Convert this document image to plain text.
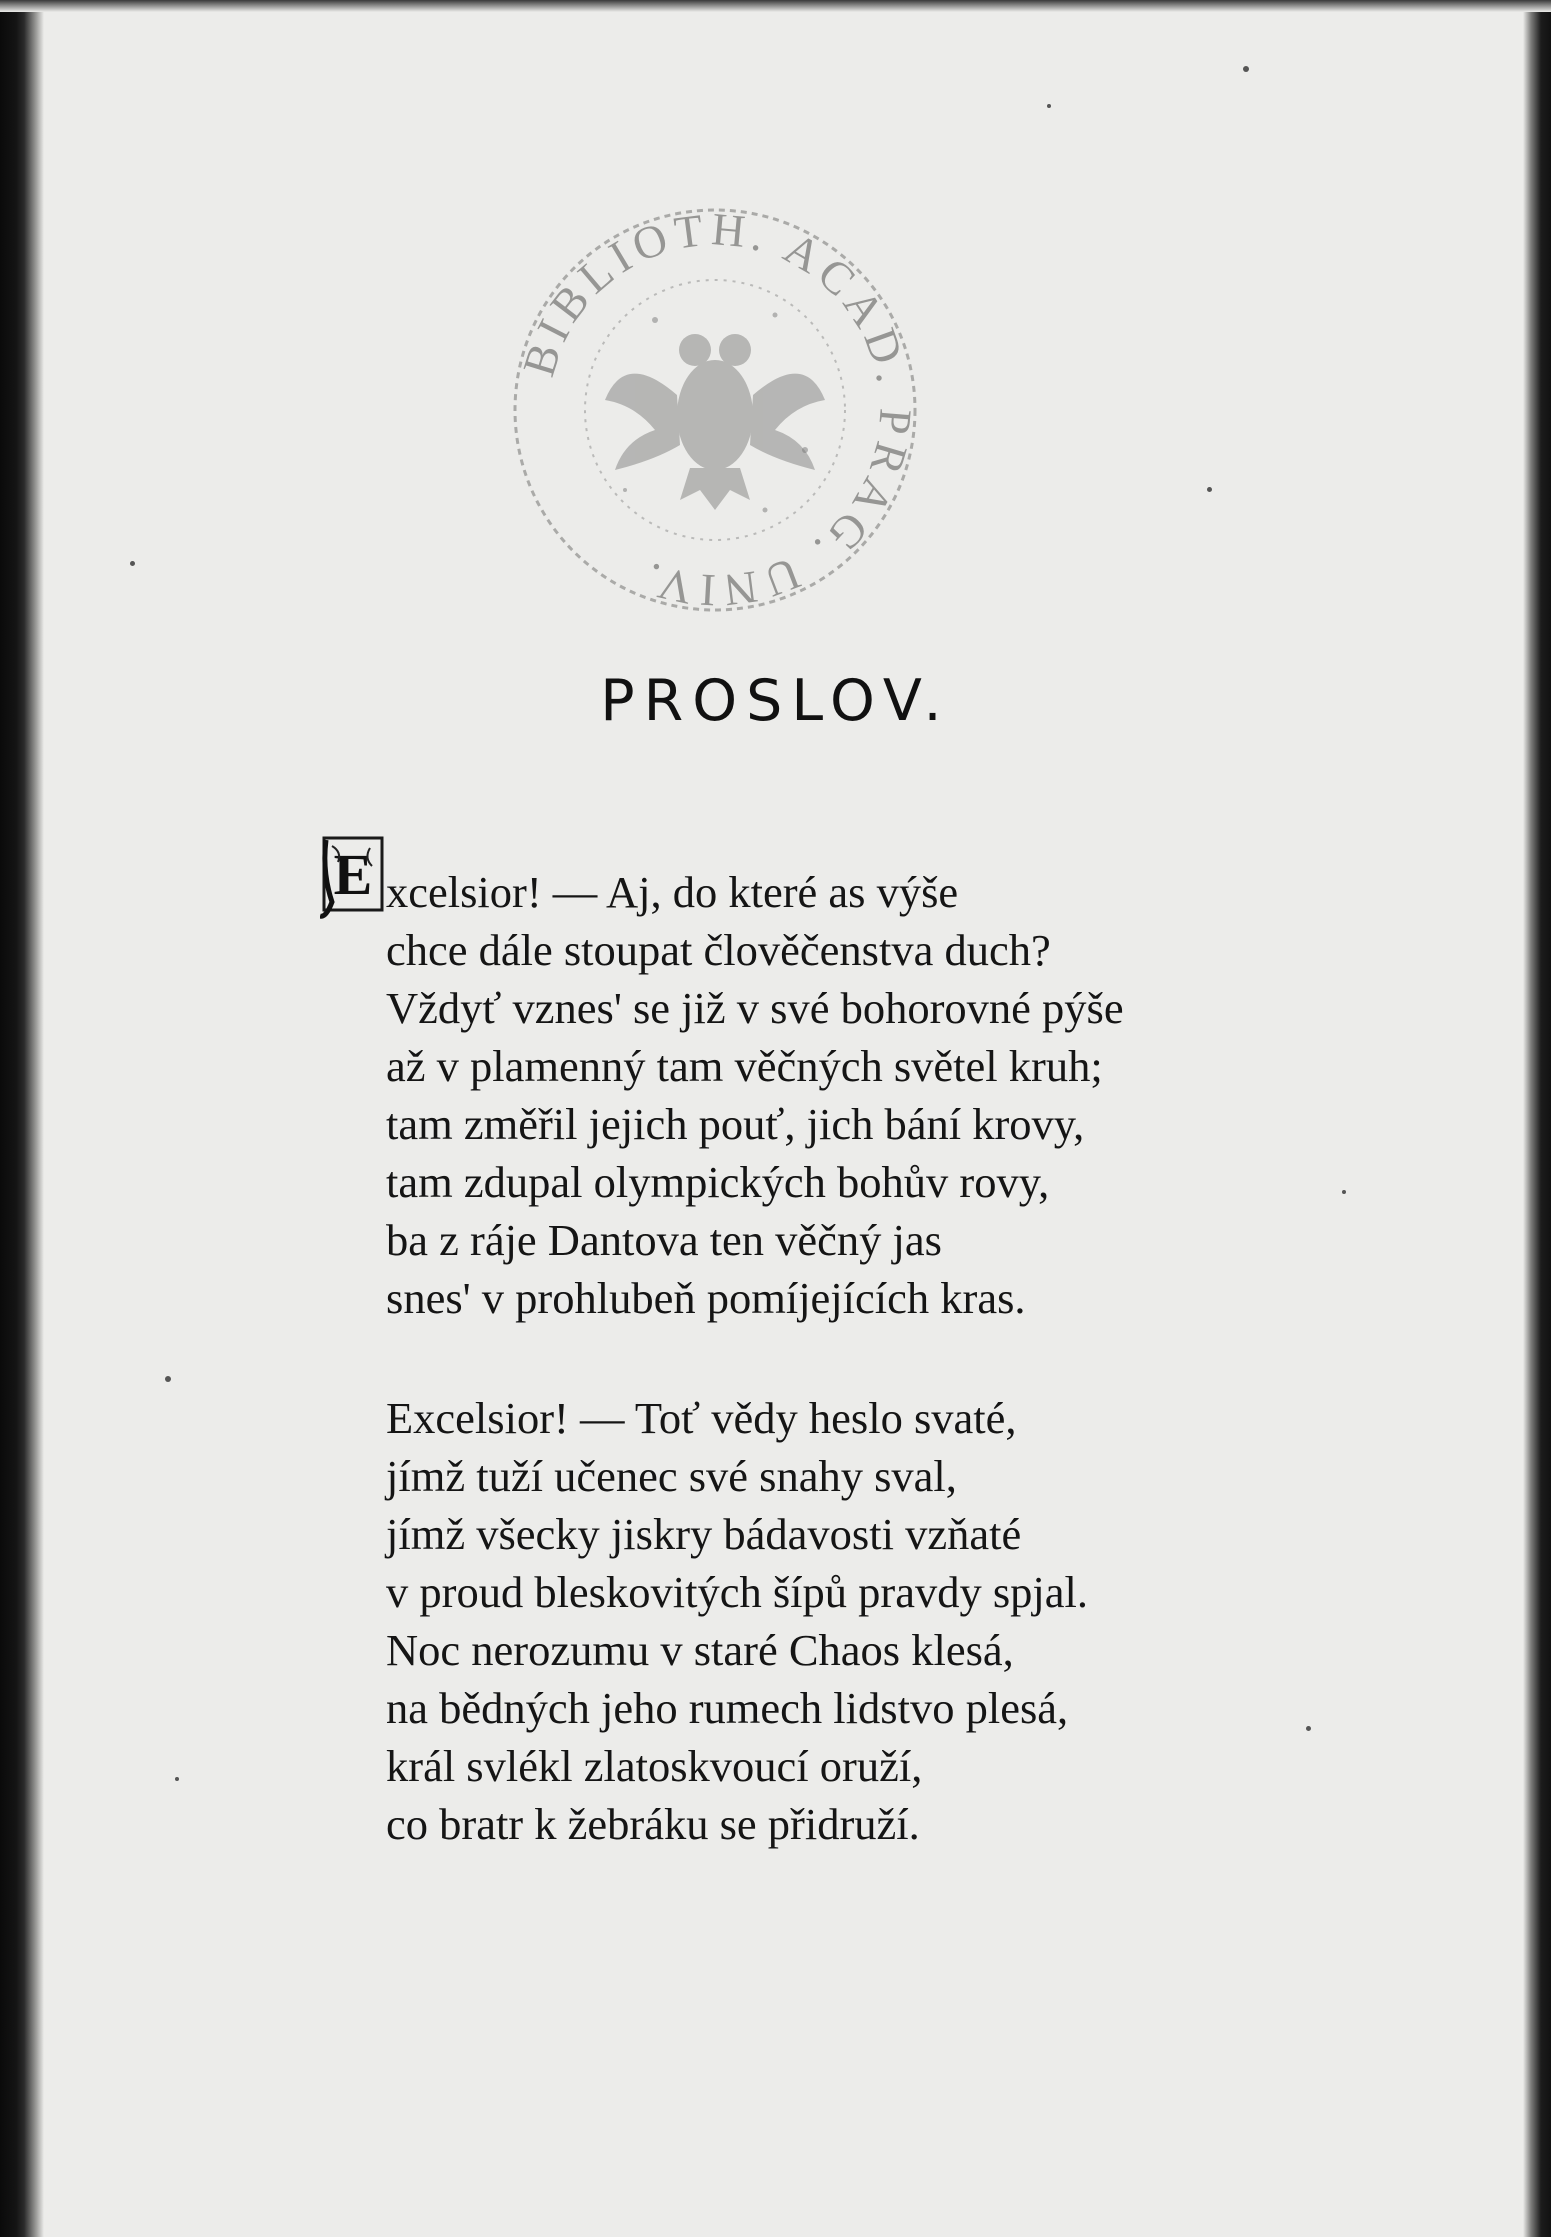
BIBLIOTH. ACAD. PRAG. UNIV.
PROSLOV.
E xcelsior! — Aj, do které as výše
chce dále stoupat člověčenstva duch?
Vždyť vznes' se již v své bohorovné pýše
až v plamenný tam věčných světel kruh;
tam změřil jejich pouť, jich bání krovy,
tam zdupal olympických bohův rovy,
ba z ráje Dantova ten věčný jas
snes' v prohlubeň pomíjejících kras.
Excelsior! — Toť vědy heslo svaté,
jímž tuží učenec své snahy sval,
jímž všecky jiskry bádavosti vzňaté
v proud bleskovitých šípů pravdy spjal.
Noc nerozumu v staré Chaos klesá,
na bědných jeho rumech lidstvo plesá,
král svlékl zlatoskvoucí oruží,
co bratr k žebráku se přidruží.
